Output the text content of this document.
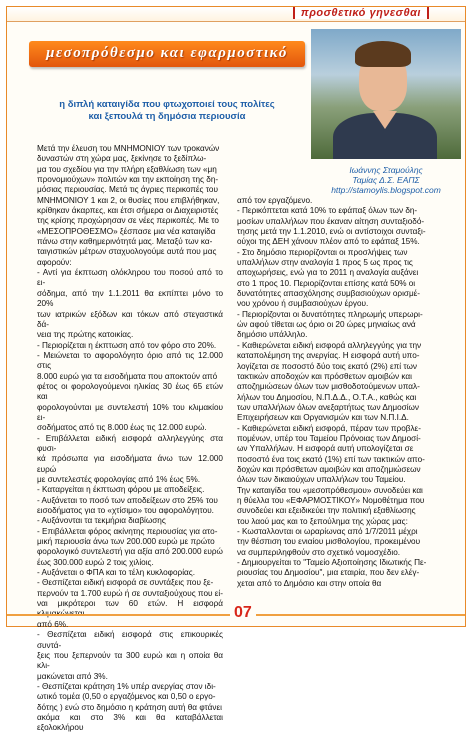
προσθετικό γηνεσθαι
μεσοπρόθεσμο και εφαρμοστικό
η διπλή καταιγίδα που φτωχοποιεί τους πολίτες
και ξεπουλά τη δημόσια περιουσία
Ιωάννης Σταμούλης
Ταμίας Δ.Σ. ΕΑΠΣ
http://stamoylis.blogspot.com

Μετά την έλευση του ΜΝΗΜΟΝΙΟΥ των τροκανών

δυναστών στη χώρα μας, ξεκίνησε το ξεδίπλω-

μα του σχεδίου για την πλήρη εξαθλίωση των «μη

προνομιούχων» πολιτών και την εκποίηση της δη-

μόσιας περιουσίας. Μετά τις άγριες περικοπές του

ΜΝΗΜΟΝΙΟΥ 1 και 2, οι θυσίες που επιβλήθηκαν,

κρίθηκαν άκαρπες, και έτσι σήμερα οι Διαχειριστές

της κρίσης προχώρησαν σε νέες περικοπές. Με το

«ΜΕΣΟΠΡΟΘΕΣΜΟ» ξέσπασε μια νέα καταιγίδα

πάνω στην καθημερινότητά μας. Μεταξύ των κα-

ταιγιστικών μέτρων σταχυολογούμε αυτά που μας

αφορούν:

- Αντί για έκπτωση ολόκληρου του ποσού από το ει-

σόδημα, από την 1.1.2011 θα εκπίπτει μόνο το 20%

των ιατρικών εξόδων και τόκων από στεγαστικά δά-

νεια της πρώτης κατοικίας.

- Περιορίζεται η έκπτωση από τον φόρο στο 20%.

- Μειώνεται το αφορολόγητο όριο από τις 12.000 στις

8.000 ευρώ για τα εισοδήματα που αποκτούν από

φέτος οι φορολογούμενοι ηλικίας 30 έως 65 ετών και

φορολογούνται με συντελεστή 10% του κλιμακίου ει-

σοδήματος από τις 8.000 έως τις 12.000 ευρώ.

- Επιβάλλεται ειδική εισφορά αλληλεγγύης στα φυσι-

κά πρόσωπα για εισοδήματα άνω των 12.000 ευρώ

με συντελεστές φορολογίας από 1% έως 5%.

- Καταργείται η έκπτωση φόρου με αποδείξεις.

- Αυξάνεται το ποσό των αποδείξεων στο 25% του

εισοδήματος για το «χτίσιμο» του αφορολόγητου.

- Αυξάνονται τα τεκμήρια διαβίωσης

- Επιβάλλεται φόρος ακίνητης περιουσίας για ατο-

μική περιουσία άνω των 200.000 ευρώ με πρώτο

φορολογικό συντελεστή για αξία από 200.000 ευρώ

έως 300.000 ευρώ 2 τοις χιλίοις.

- Αυξάνεται ο ΦΠΑ και το τέλη κυκλοφορίας.

- Θεσπίζεται ειδική εισφορά σε συντάξεις που ξε-

περνούν τα 1.700 ευρώ ή σε συνταξιούχους που εί-

ναι μικρότεροι των 60 ετών. Η εισφορά

από 6%.

- Θεσπίζεται ειδική εισφορά στις επικουρικές συντά-

ξεις που ξεπερνούν τα 300 ευρώ και η οποία θα κλι-

μακώνεται από 3%.

- Θεσπίζεται κράτηση 1% υπέρ ανεργίας στον ιδι-

ωτικό τομέα (0,50 ο εργαζόμενος και 0,50 ο εργο-

δότης ) ενώ στο δημόσιο η κράτηση αυτή θα φτάνει

ακόμα και στο 3% και θα καταβάλλεται εξολοκλήρου

από τον εργαζόμενο.

- Περικόπτεται κατά 10% το εφάπαξ όλων των δη-

μοσίων υπαλλήλων που έκαναν αίτηση συνταξιοδό-

τησης μετά την 1.1.2010, ενώ οι αντίστοιχοι συνταξι-

ούχοι της ΔΕΗ χάνουν πλέον από το εφάπαξ 15%.

- Στο δημόσιο περιορίζονται οι προσλήψεις των

υπαλλήλων στην αναλογία 1 προς 5 ως προς τις

αποχωρήσεις, ενώ για το 2011 η αναλογία αυξάνει

στο 1 προς 10. Περιορίζονται επίσης κατά 50% οι

δυνατότητες απασχόλησης συμβασιούχων ορισμέ-

νου χρόνου ή συμβασιούχων έργου.

- Περιορίζονται οι δυνατότητες πληρωμής υπερωρι-

ών αφού τίθεται ως όριο οι 20 ώρες μηνιαίως ανά

δημόσιο υπάλληλο.

- Καθιερώνεται ειδική εισφορά αλληλεγγύης για την

καταπολέμηση της ανεργίας. Η εισφορά αυτή υπο-

λογίζεται σε ποσοστό δύο τοις εκατό (2%) επί των

τακτικών αποδοχών και πρόσθετων αμοιβών και

αποζημιώσεων όλων των μισθοδοτούμενων υπαλ-

λήλων του Δημοσίου, Ν.Π.Δ.Δ., Ο.Τ.Α., καθώς και

των υπαλλήλων όλων ανεξαρτήτως των Δημοσίων

Επιχειρήσεων και Οργανισμών και των Ν.Π.Ι.Δ.

- Καθιερώνεται ειδική εισφορά, πέραν των προβλε-

πομένων, υπέρ του Ταμείου Πρόνοιας των Δημοσί-

ων Υπαλλήλων. Η εισφορά αυτή υπολογίζεται σε

ποσοστό ένα τοις εκατό (1%) επί των τακτικών απο-

δοχών και πρόσθετων αμοιβών και αποζημιώσεων

όλων των δικαιούχων υπαλλήλων του Ταμείου.

Την καταιγίδα του «μεσοπρόθεσμου» συνοδεύει και

η θύελλα του «ΕΦΑΡΜΟΣΤΙΚΟΥ» Νομοθέτημα που

συνοδεύει και εξειδικεύει την πολιτική εξαθλίωσης

του λαού μας και το ξεπούλημα της χώρας μας:

- Κωσταλλονται οι ωραρίωνας από 1/7/2011 μέχρι

την θέσπιση του ενιαίου μισθολογίου, προκειμένου

να συμπεριληφθούν στο σχετικό νομοσχέδιο.

- Δημιουργείται το "Ταμείο Αξιοποίησης Ιδιωτικής Πε-

ριουσίας του Δημοσίου", μια εταιρία, που δεν ελέγ-

χεται από το Δημόσιο και στην οποία θα

07
